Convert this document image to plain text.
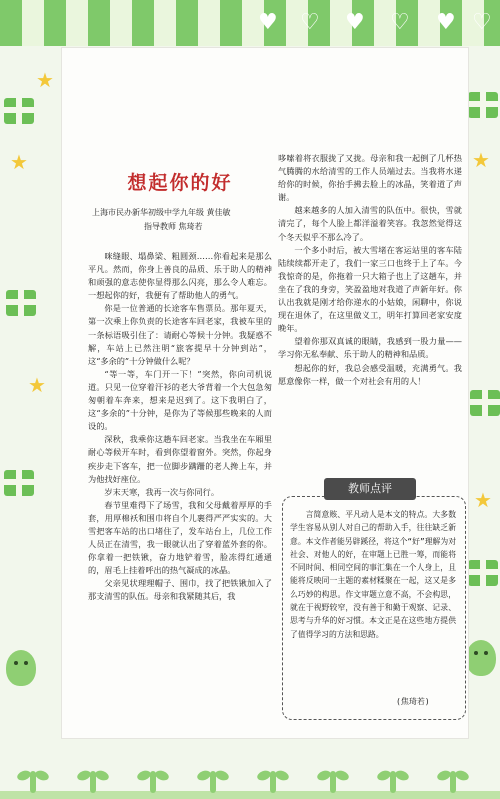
♥ ♡ ♥ ♡ ♥ ♡
★
★
★
★
★
想起你的好
上海市民办新华初级中学九年级 黄佳敏
指导教师 焦琦若

咪缝眼、塌鼻梁、粗圆颈……你看起来是那么平凡。然而，你身上善良的品质、乐于助人的精神和顽强的意志使你显得那么闪亮，那么令人难忘。一想起你的好，我便有了帮助他人的勇气。

你是一位普通的长途客车售票员。那年夏天，第一次乘上你负责的长途客车回老家，我被车里的一条标语吸引住了：请耐心等候十分钟。我疑惑不解，车站上已然注明“旅客提早十分钟到站”，这“多余的”十分钟做什么呢？

“等一等，车门开一下！”突然，你向司机说道。只见一位穿着汗衫的老大爷背着一个大包急匆匆朝着车奔来，想来是迟到了。这下我明白了，这“多余的”十分钟，是你为了等候那些晚来的人而设的。

深秋，我乘你这趟车回老家。当我坐在车厢里耐心等候开车时，看到你望着窗外。突然，你起身疾步走下客车，把一位脚步蹒跚的老人搀上车，并为他找好座位。

岁末天寒，我再一次与你同行。

春节里难得下了场雪，我和父母戴着厚厚的手套，用厚棉袄和围巾将自个儿裹得严严实实的。大雪把客车站的出口堵住了，发车站台上，几位工作人员正在清雪，我一眼就认出了穿着蓝外套的你。你拿着一把铁锹，奋力地铲着雪，脸冻得红通通的，眉毛上挂着呼出的热气凝成的冰晶。

父亲见状理理帽子、围巾，找了把铁锹加入了那支清雪的队伍。母亲和我紧随其后，我

哆嗦着将衣服拢了又拢。母亲和我一起倒了几杯热气腾腾的水给清雪的工作人员端过去。当我将水递给你的时候，你抬手拂去脸上的冰晶，笑着道了声谢。

越来越多的人加入清雪的队伍中。很快，雪就清完了，每个人脸上都洋溢着笑容。我忽然觉得这个冬天似乎不那么冷了。

一个多小时后，被大雪堵在客运站里的客车陆陆续续都开走了，我们一家三口也终于上了车。今我惊奇的是，你拖着一只大箱子也上了这趟车，并坐在了我的身旁，笑盈盈地对我道了声新年好。你认出我就是刚才给你递水的小姑娘，闲聊中，你说现在退休了，在这里做义工，明年打算回老家安度晚年。

望着你那双真诚的眼睛，我感到一股力量——学习你无私奉献、乐于助人的精神和品质。

想起你的好，我总会感受温暖，充满勇气。我愿意像你一样，做一个对社会有用的人！

教师点评

言简意赅、平凡动人是本文的特点。大多数学生容易从别人对自己的帮助入手，往往缺乏新意。本文作者能另辟蹊径，将这个“好”理解为对社会、对他人的好，在审题上已胜一筹，而能将不同时间、相同空间的事汇集在一个人身上，且能将反映同一主题的素材糅聚在一起，这又是多么巧妙的构思。作文审题立意不高，不会构思，就在于视野较窄，没有善于和勤于观察、记录、思考与升华的好习惯。本文正是在这些地方提供了值得学习的方法和思路。

(焦琦若)
